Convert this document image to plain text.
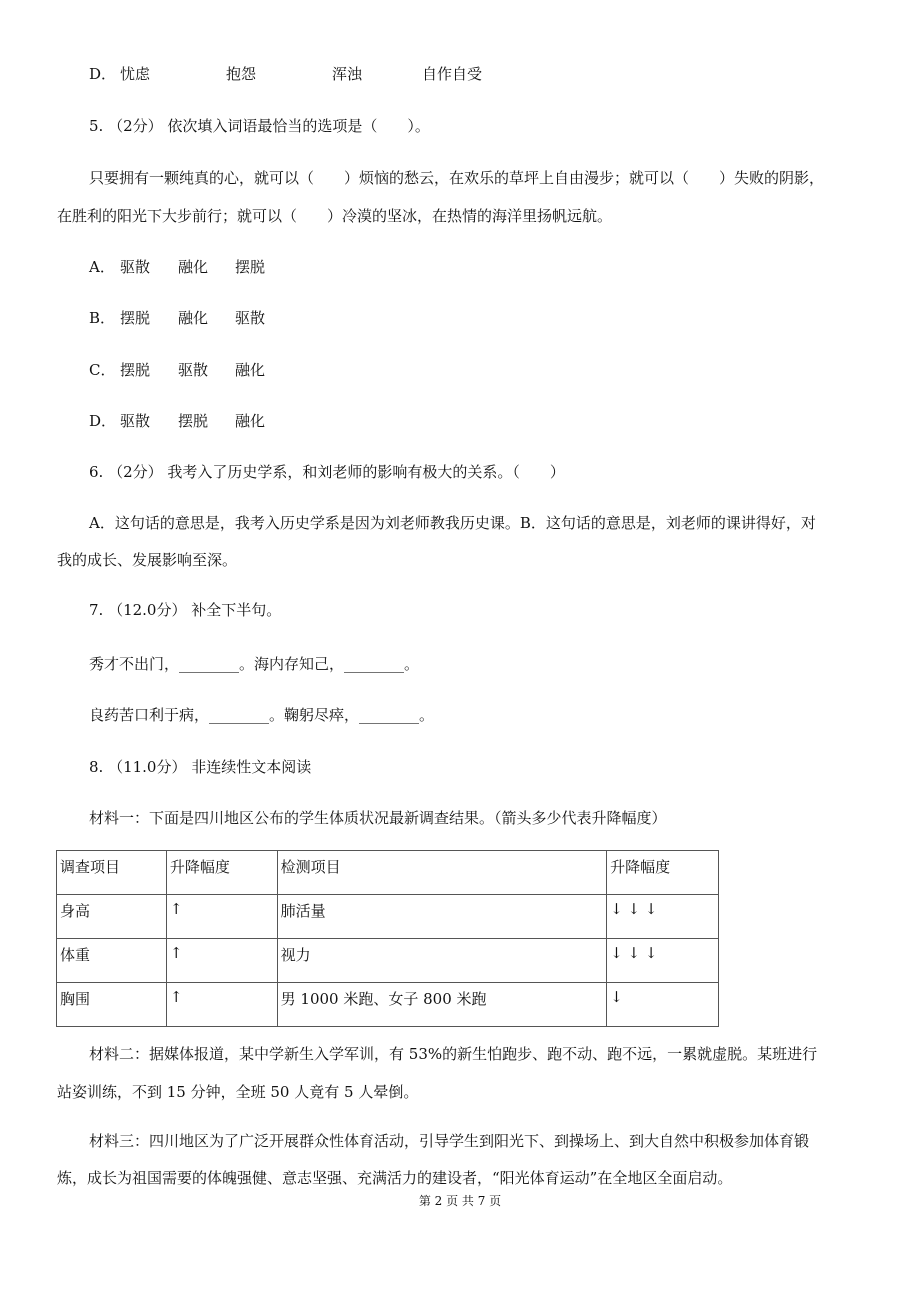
D． 忧虑	抱怨	浑浊	自作自受
5. （2分） 依次填入词语最恰当的选项是（　　）。
只要拥有一颗纯真的心，就可以（　　）烦恼的愁云，在欢乐的草坪上自由漫步；就可以（　　）失败的阴影，
在胜利的阳光下大步前行；就可以（　　）冷漠的坚冰，在热情的海洋里扬帆远航。
A． 驱散 融化 摆脱
B． 摆脱 融化 驱散
C． 摆脱 驱散 融化
D． 驱散 摆脱 融化
6. （2分） 我考入了历史学系，和刘老师的影响有极大的关系。（　　）
A．这句话的意思是，我考入历史学系是因为刘老师教我历史课。B．这句话的意思是，刘老师的课讲得好，对
我的成长、发展影响至深。
7. （12.0分） 补全下半句。
秀才不出门，________。海内存知己，________。
良药苦口利于病，________。鞠躬尽瘁，________。
8. （11.0分） 非连续性文本阅读
材料一：下面是四川地区公布的学生体质状况最新调查结果。（箭头多少代表升降幅度）
调查项目	升降幅度	检测项目	升降幅度
身高	↑	肺活量	↓ ↓ ↓
体重	↑	视力	↓ ↓ ↓
胸围	↑	男 1000 米跑、女子 800 米跑	↓
材料二：据媒体报道，某中学新生入学军训，有 53%的新生怕跑步、跑不动、跑不远，一累就虚脱。某班进行
站姿训练，不到 15 分钟，全班 50 人竟有 5 人晕倒。
材料三：四川地区为了广泛开展群众性体育活动，引导学生到阳光下、到操场上、到大自然中积极参加体育锻
炼，成长为祖国需要的体魄强健、意志坚强、充满活力的建设者，“阳光体育运动”在全地区全面启动。
第 2 页 共 7 页
